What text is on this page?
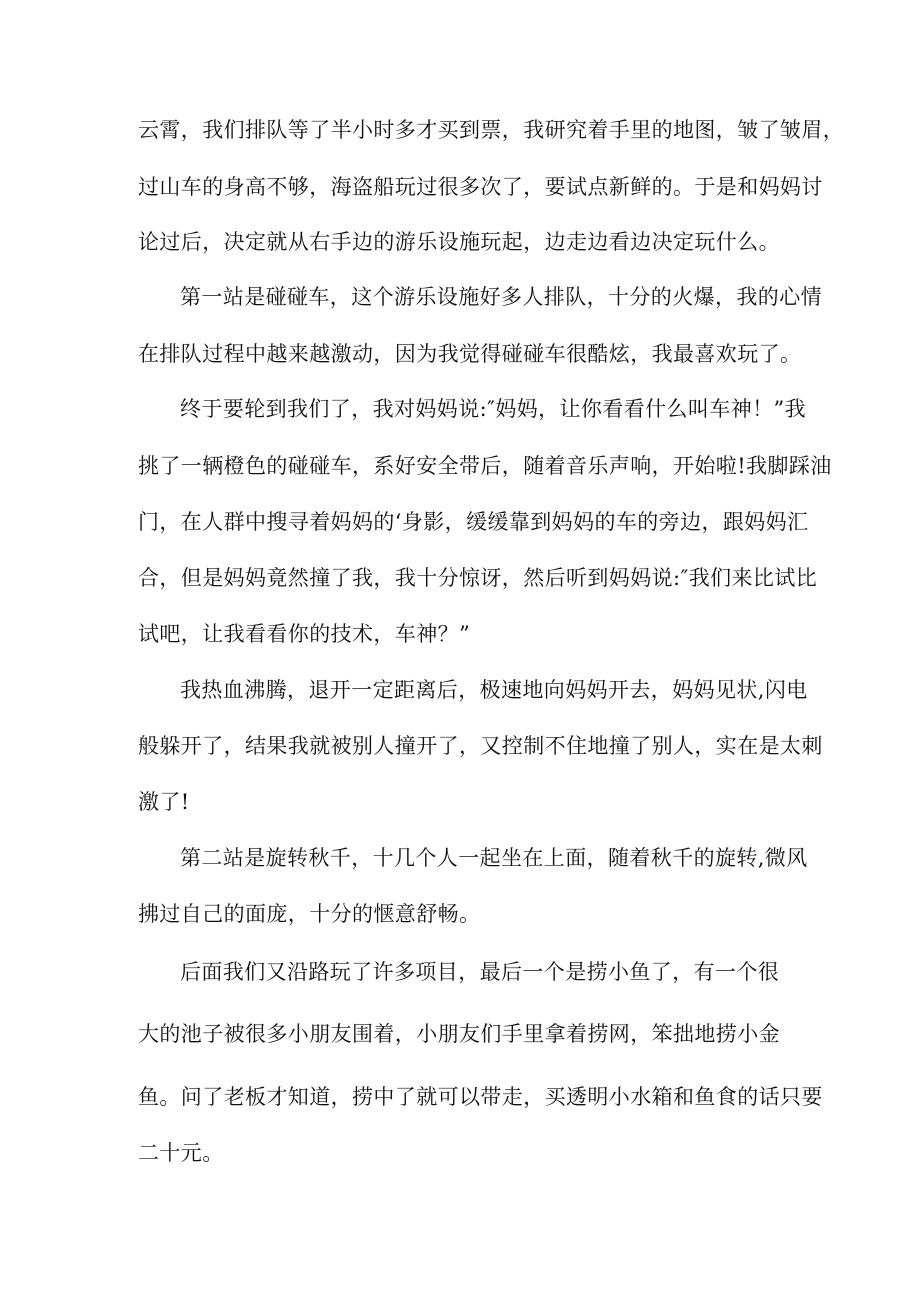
云霄，我们排队等了半小时多才买到票，我研究着手里的地图，皱了皱眉，

过山车的身高不够，海盗船玩过很多次了，要试点新鲜的。于是和妈妈讨

论过后，决定就从右手边的游乐设施玩起，边走边看边决定玩什么。

第一站是碰碰车，这个游乐设施好多人排队，十分的火爆，我的心情

在排队过程中越来越激动，因为我觉得碰碰车很酷炫，我最喜欢玩了。

终于要轮到我们了，我对妈妈说:″妈妈，让你看看什么叫车神！”我

挑了一辆橙色的碰碰车，系好安全带后，随着音乐声响，开始啦!我脚踩油

门，在人群中搜寻着妈妈的‘身影，缓缓靠到妈妈的车的旁边，跟妈妈汇

合，但是妈妈竟然撞了我，我十分惊讶，然后听到妈妈说:″我们来比试比

试吧，让我看看你的技术，车神？”

我热血沸腾，退开一定距离后，极速地向妈妈开去，妈妈见状,闪电

般躲开了，结果我就被别人撞开了，又控制不住地撞了别人，实在是太刺

激了!

第二站是旋转秋千，十几个人一起坐在上面，随着秋千的旋转,微风

拂过自己的面庞，十分的惬意舒畅。

后面我们又沿路玩了许多项目，最后一个是捞小鱼了，有一个很

大的池子被很多小朋友围着，小朋友们手里拿着捞网，笨拙地捞小金

鱼。问了老板才知道，捞中了就可以带走，买透明小水箱和鱼食的话只要

二十元。
